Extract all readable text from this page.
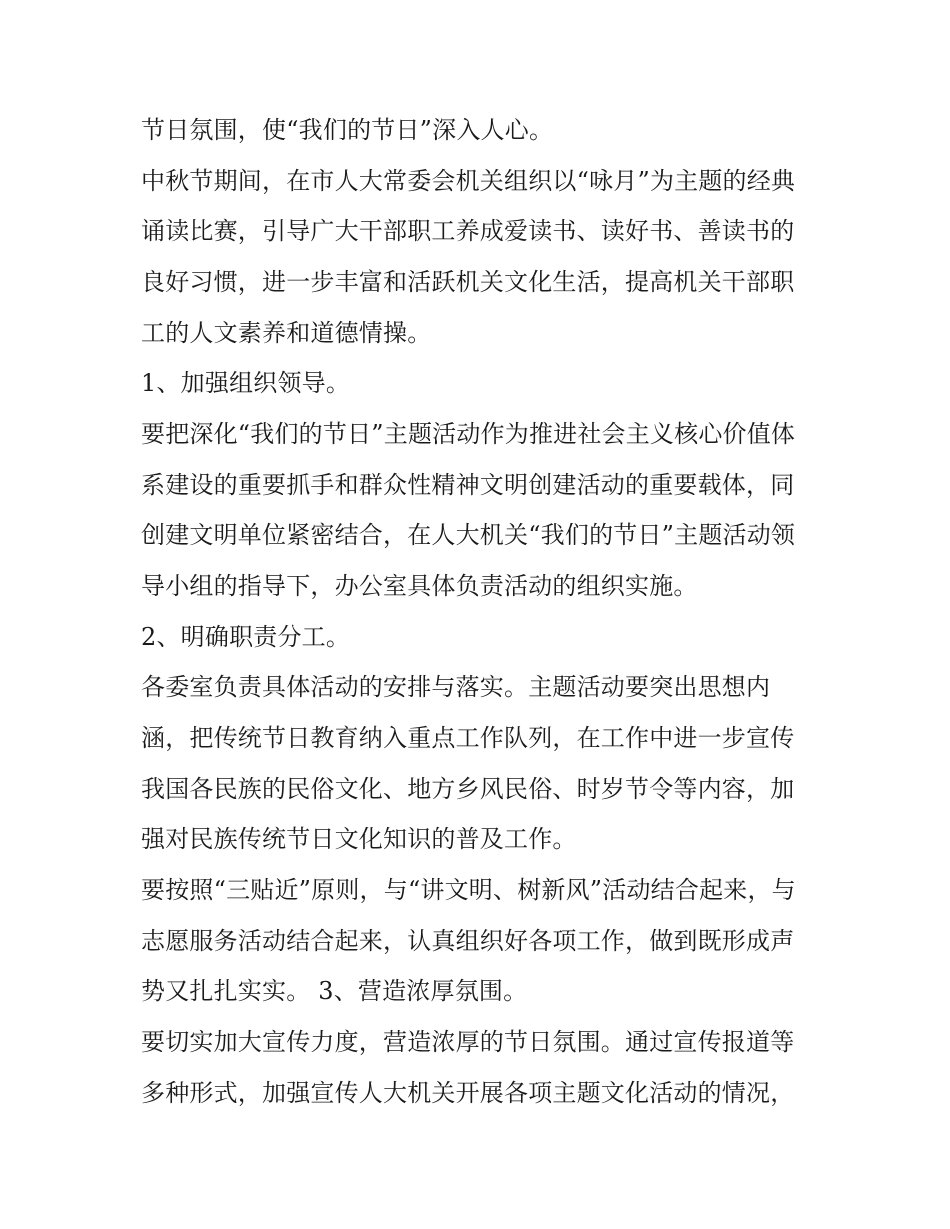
节日氛围，使“我们的节日”深入人心。
中秋节期间，在市人大常委会机关组织以“咏月”为主题的经典
诵读比赛，引导广大干部职工养成爱读书、读好书、善读书的
良好习惯，进一步丰富和活跃机关文化生活，提高机关干部职
工的人文素养和道德情操。
1、加强组织领导。
要把深化“我们的节日”主题活动作为推进社会主义核心价值体
系建设的重要抓手和群众性精神文明创建活动的重要载体，同
创建文明单位紧密结合，在人大机关“我们的节日”主题活动领
导小组的指导下，办公室具体负责活动的组织实施。
2、明确职责分工。
各委室负责具体活动的安排与落实。主题活动要突出思想内
涵，把传统节日教育纳入重点工作队列，在工作中进一步宣传
我国各民族的民俗文化、地方乡风民俗、时岁节令等内容，加
强对民族传统节日文化知识的普及工作。
要按照“三贴近”原则，与“讲文明、树新风”活动结合起来，与
志愿服务活动结合起来，认真组织好各项工作，做到既形成声
势又扎扎实实。 3、营造浓厚氛围。
要切实加大宣传力度，营造浓厚的节日氛围。通过宣传报道等
多种形式，加强宣传人大机关开展各项主题文化活动的情况，
